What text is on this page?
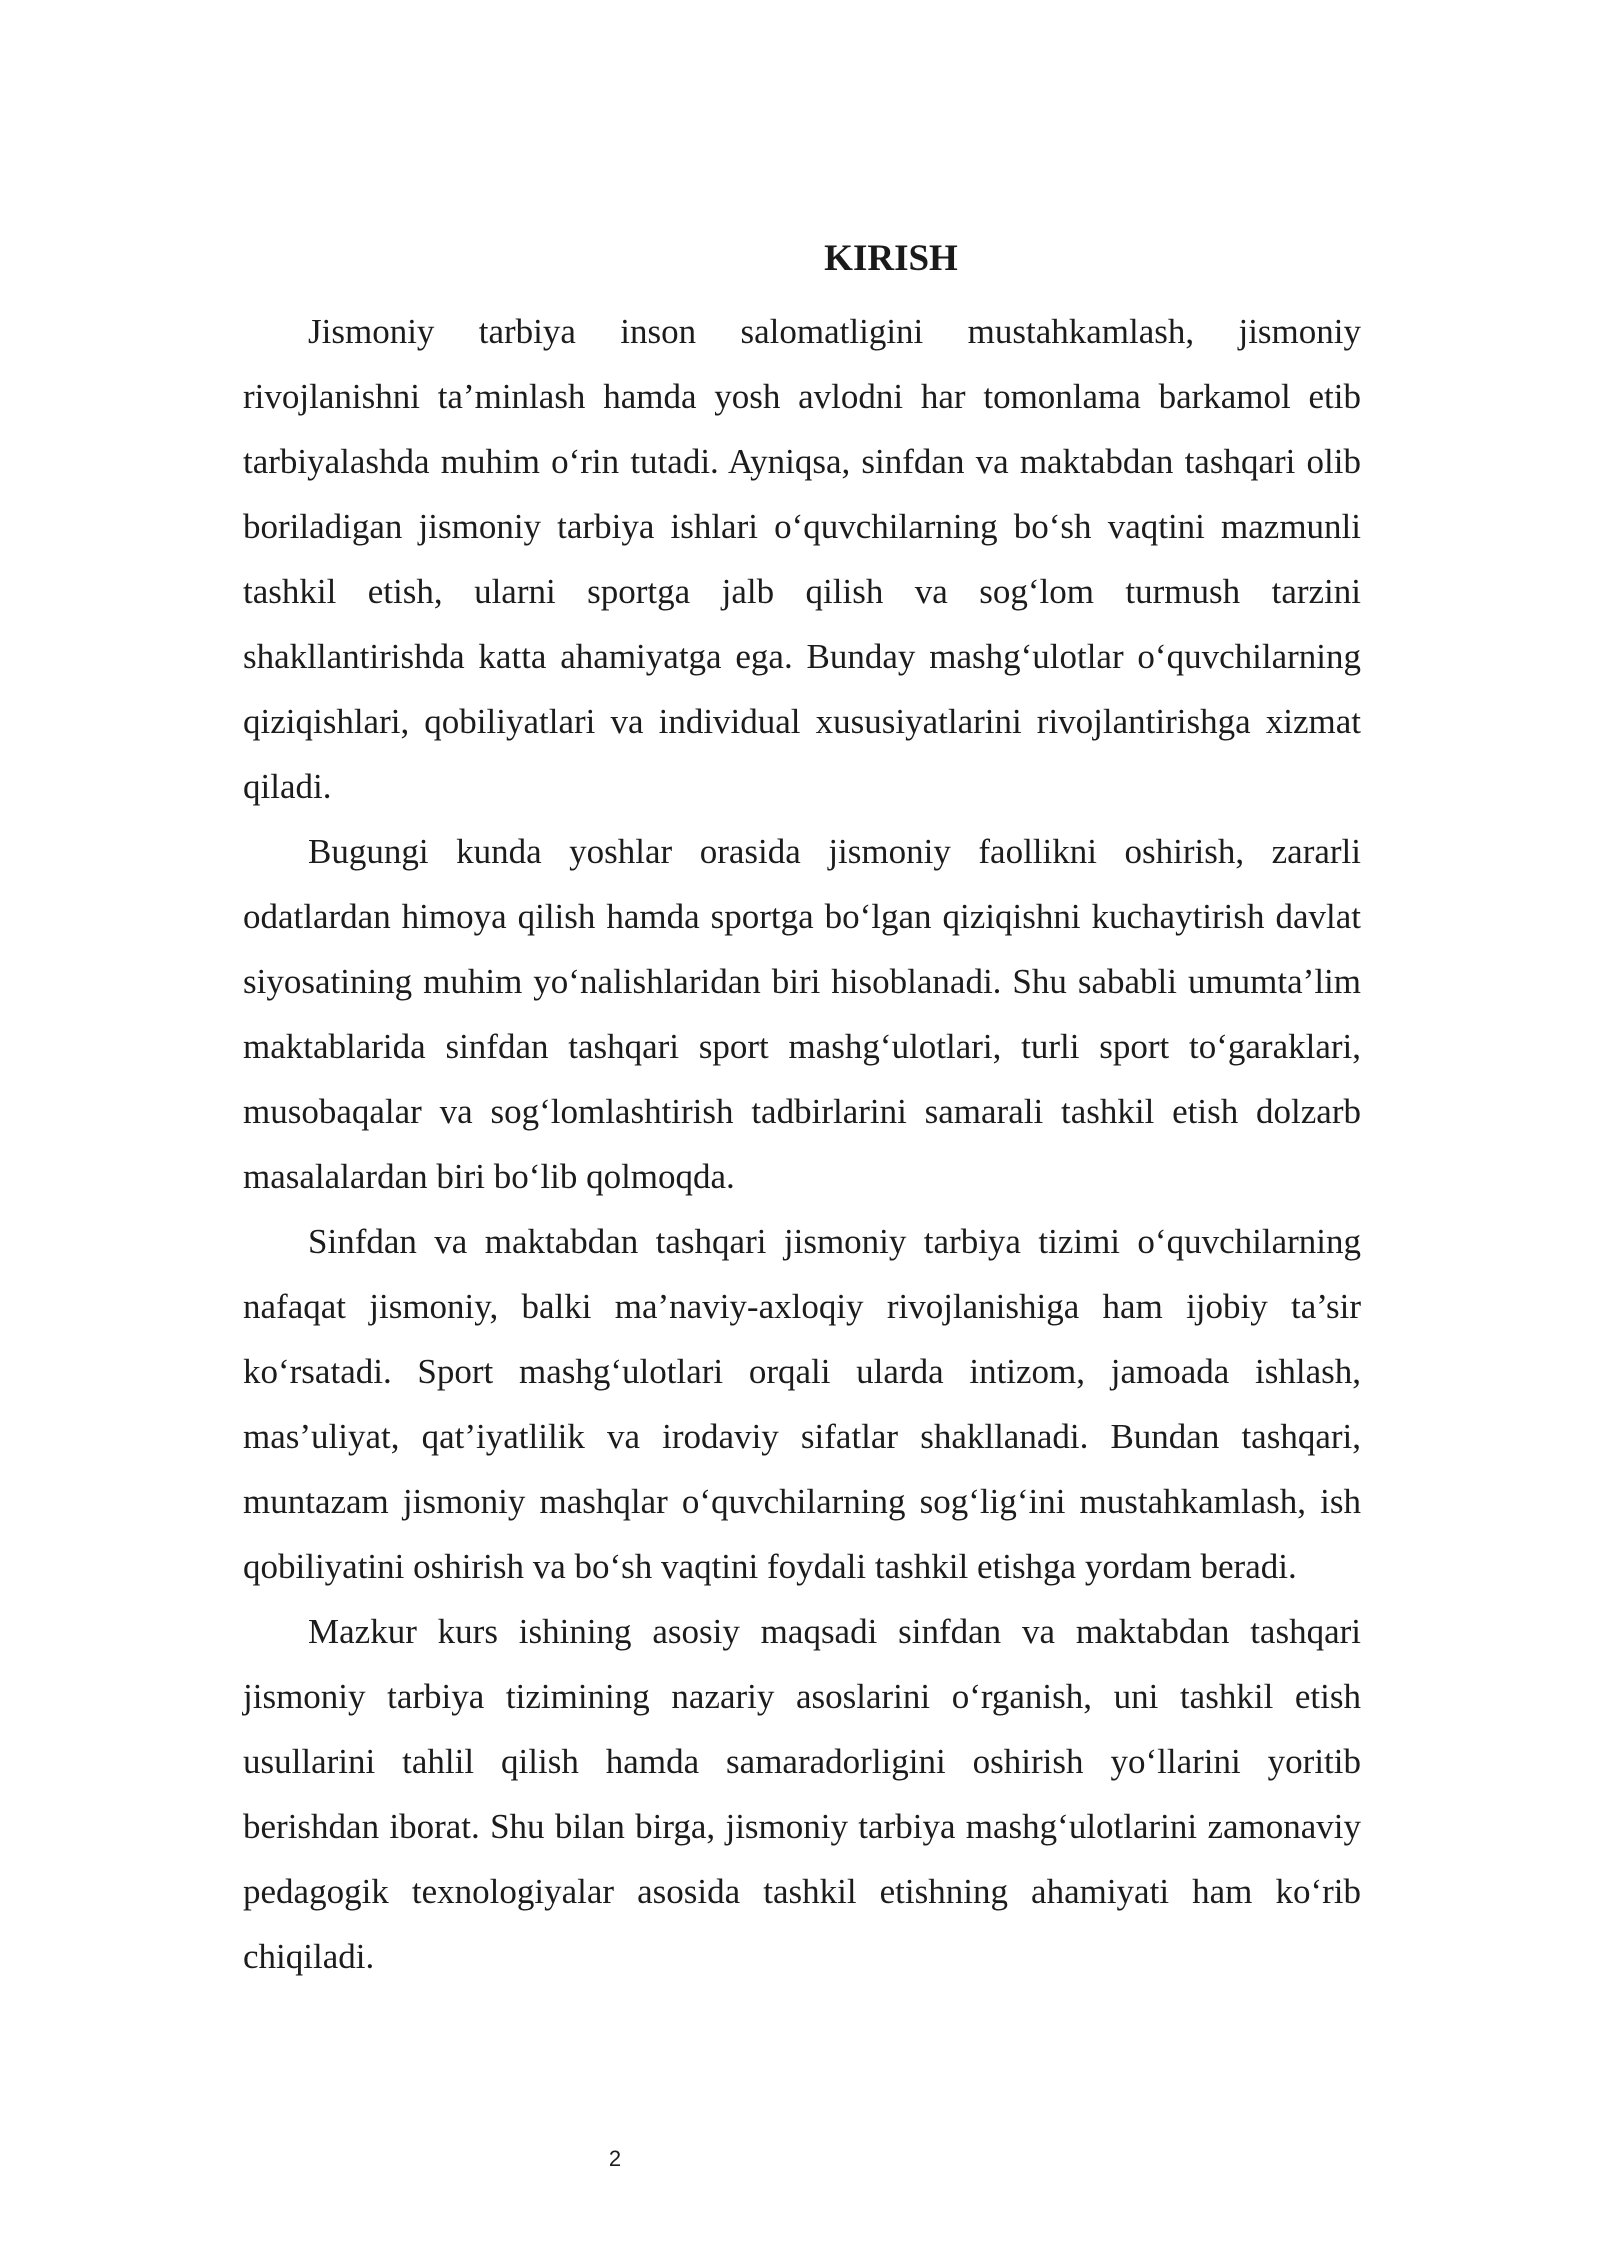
KIRISH

Jismoniy tarbiya inson salomatligini mustahkamlash, jismoniy rivojlanishni ta’minlash hamda yosh avlodni har tomonlama barkamol etib tarbiyalashda muhim o‘rin tutadi. Ayniqsa, sinfdan va maktabdan tashqari olib boriladigan jismoniy tarbiya ishlari o‘quvchilarning bo‘sh vaqtini mazmunli tashkil etish, ularni sportga jalb qilish va sog‘lom turmush tarzini shakllantirishda katta ahamiyatga ega. Bunday mashg‘ulotlar o‘quvchilarning qiziqishlari, qobiliyatlari va individual xususiyatlarini rivojlantirishga xizmat qiladi.

Bugungi kunda yoshlar orasida jismoniy faollikni oshirish, zararli odatlardan himoya qilish hamda sportga bo‘lgan qiziqishni kuchaytirish davlat siyosatining muhim yo‘nalishlaridan biri hisoblanadi. Shu sababli umumta’lim maktablarida sinfdan tashqari sport mashg‘ulotlari, turli sport to‘garaklari, musobaqalar va sog‘lomlashtirish tadbirlarini samarali tashkil etish dolzarb masalalardan biri bo‘lib qolmoqda.

Sinfdan va maktabdan tashqari jismoniy tarbiya tizimi o‘quvchilarning nafaqat jismoniy, balki ma’naviy-axloqiy rivojlanishiga ham ijobiy ta’sir ko‘rsatadi. Sport mashg‘ulotlari orqali ularda intizom, jamoada ishlash, mas’uliyat, qat’iyatlilik va irodaviy sifatlar shakllanadi. Bundan tashqari, muntazam jismoniy mashqlar o‘quvchilarning sog‘lig‘ini mustahkamlash, ish qobiliyatini oshirish va bo‘sh vaqtini foydali tashkil etishga yordam beradi.

Mazkur kurs ishining asosiy maqsadi sinfdan va maktabdan tashqari jismoniy tarbiya tizimining nazariy asoslarini o‘rganish, uni tashkil etish usullarini tahlil qilish hamda samaradorligini oshirish yo‘llarini yoritib berishdan iborat. Shu bilan birga, jismoniy tarbiya mashg‘ulotlarini zamonaviy pedagogik texnologiyalar asosida tashkil etishning ahamiyati ham ko‘rib chiqiladi.

2
